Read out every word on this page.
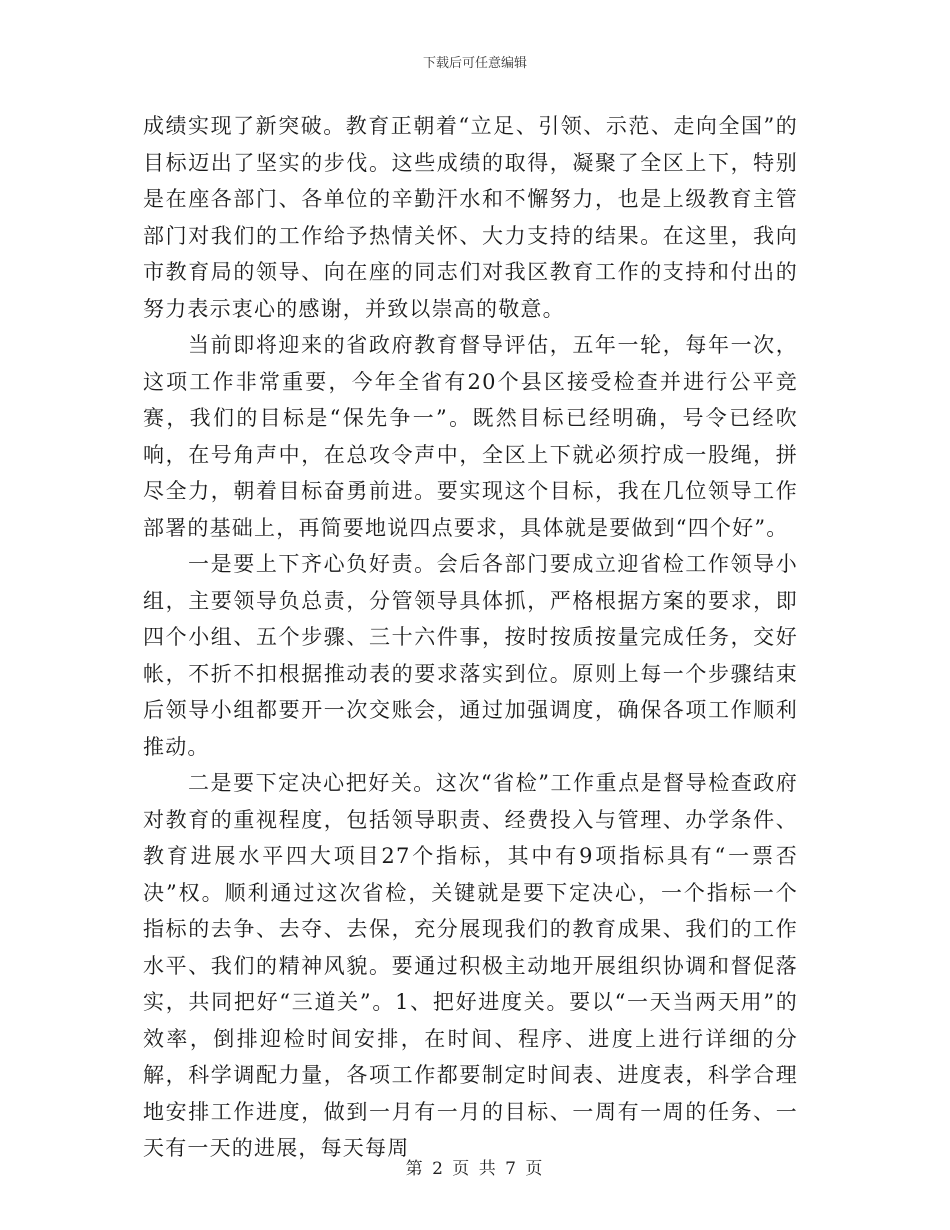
下载后可任意编辑

成绩实现了新突破。教育正朝着“立足、引领、示范、走向全国”的目标迈出了坚实的步伐。这些成绩的取得，凝聚了全区上下，特别是在座各部门、各单位的辛勤汗水和不懈努力，也是上级教育主管部门对我们的工作给予热情关怀、大力支持的结果。在这里，我向市教育局的领导、向在座的同志们对我区教育工作的支持和付出的努力表示衷心的感谢，并致以崇高的敬意。

当前即将迎来的省政府教育督导评估，五年一轮，每年一次，这项工作非常重要，今年全省有20个县区接受检查并进行公平竞赛，我们的目标是“保先争一”。既然目标已经明确，号令已经吹响，在号角声中，在总攻令声中，全区上下就必须拧成一股绳，拼尽全力，朝着目标奋勇前进。要实现这个目标，我在几位领导工作部署的基础上，再简要地说四点要求，具体就是要做到“四个好”。

一是要上下齐心负好责。会后各部门要成立迎省检工作领导小组，主要领导负总责，分管领导具体抓，严格根据方案的要求，即四个小组、五个步骤、三十六件事，按时按质按量完成任务，交好帐，不折不扣根据推动表的要求落实到位。原则上每一个步骤结束后领导小组都要开一次交账会，通过加强调度，确保各项工作顺利推动。

二是要下定决心把好关。这次“省检”工作重点是督导检查政府对教育的重视程度，包括领导职责、经费投入与管理、办学条件、教育进展水平四大项目27个指标，其中有9项指标具有“一票否决”权。顺利通过这次省检，关键就是要下定决心，一个指标一个指标的去争、去夺、去保，充分展现我们的教育成果、我们的工作水平、我们的精神风貌。要通过积极主动地开展组织协调和督促落实，共同把好“三道关”。1、把好进度关。要以“一天当两天用”的效率，倒排迎检时间安排，在时间、程序、进度上进行详细的分解，科学调配力量，各项工作都要制定时间表、进度表，科学合理地安排工作进度，做到一月有一月的目标、一周有一周的任务、一天有一天的进展，每天每周

第 2 页 共 7 页
